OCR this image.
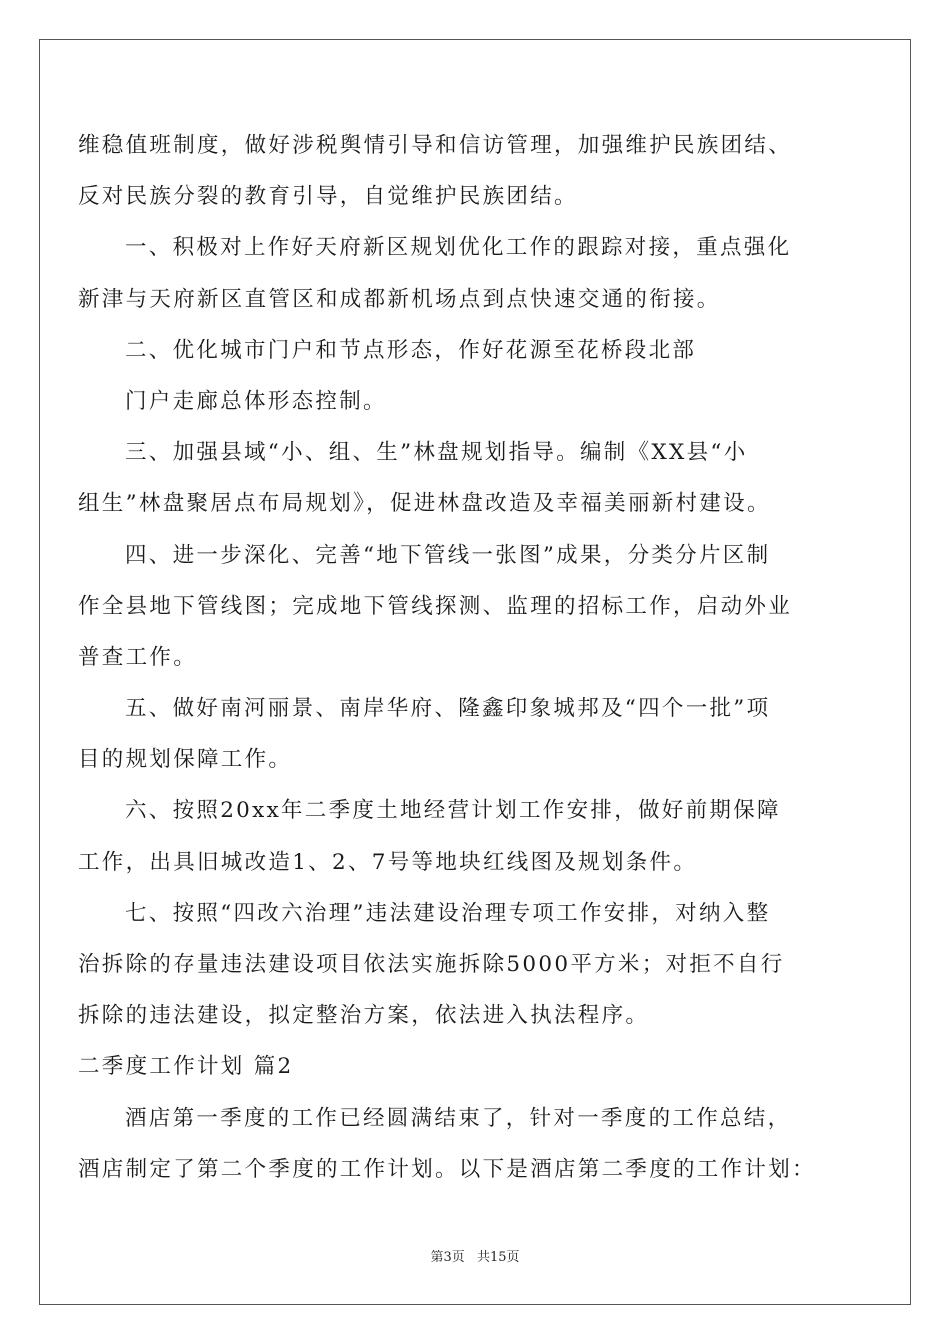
维稳值班制度，做好涉税舆情引导和信访管理，加强维护民族团结、
反对民族分裂的教育引导，自觉维护民族团结。
一、积极对上作好天府新区规划优化工作的跟踪对接，重点强化
新津与天府新区直管区和成都新机场点到点快速交通的衔接。
二、优化城市门户和节点形态，作好花源至花桥段北部
门户走廊总体形态控制。
三、加强县域“小、组、生”林盘规划指导。编制《XX县“小
组生”林盘聚居点布局规划》，促进林盘改造及幸福美丽新村建设。
四、进一步深化、完善“地下管线一张图”成果，分类分片区制
作全县地下管线图；完成地下管线探测、监理的招标工作，启动外业
普查工作。
五、做好南河丽景、南岸华府、隆鑫印象城邦及“四个一批”项
目的规划保障工作。
六、按照20xx年二季度土地经营计划工作安排，做好前期保障
工作，出具旧城改造1、2、7号等地块红线图及规划条件。
七、按照“四改六治理”违法建设治理专项工作安排，对纳入整
治拆除的存量违法建设项目依法实施拆除5000平方米；对拒不自行
拆除的违法建设，拟定整治方案，依法进入执法程序。
二季度工作计划 篇2
酒店第一季度的工作已经圆满结束了，针对一季度的工作总结，
酒店制定了第二个季度的工作计划。以下是酒店第二季度的工作计划：
第3页 共15页
